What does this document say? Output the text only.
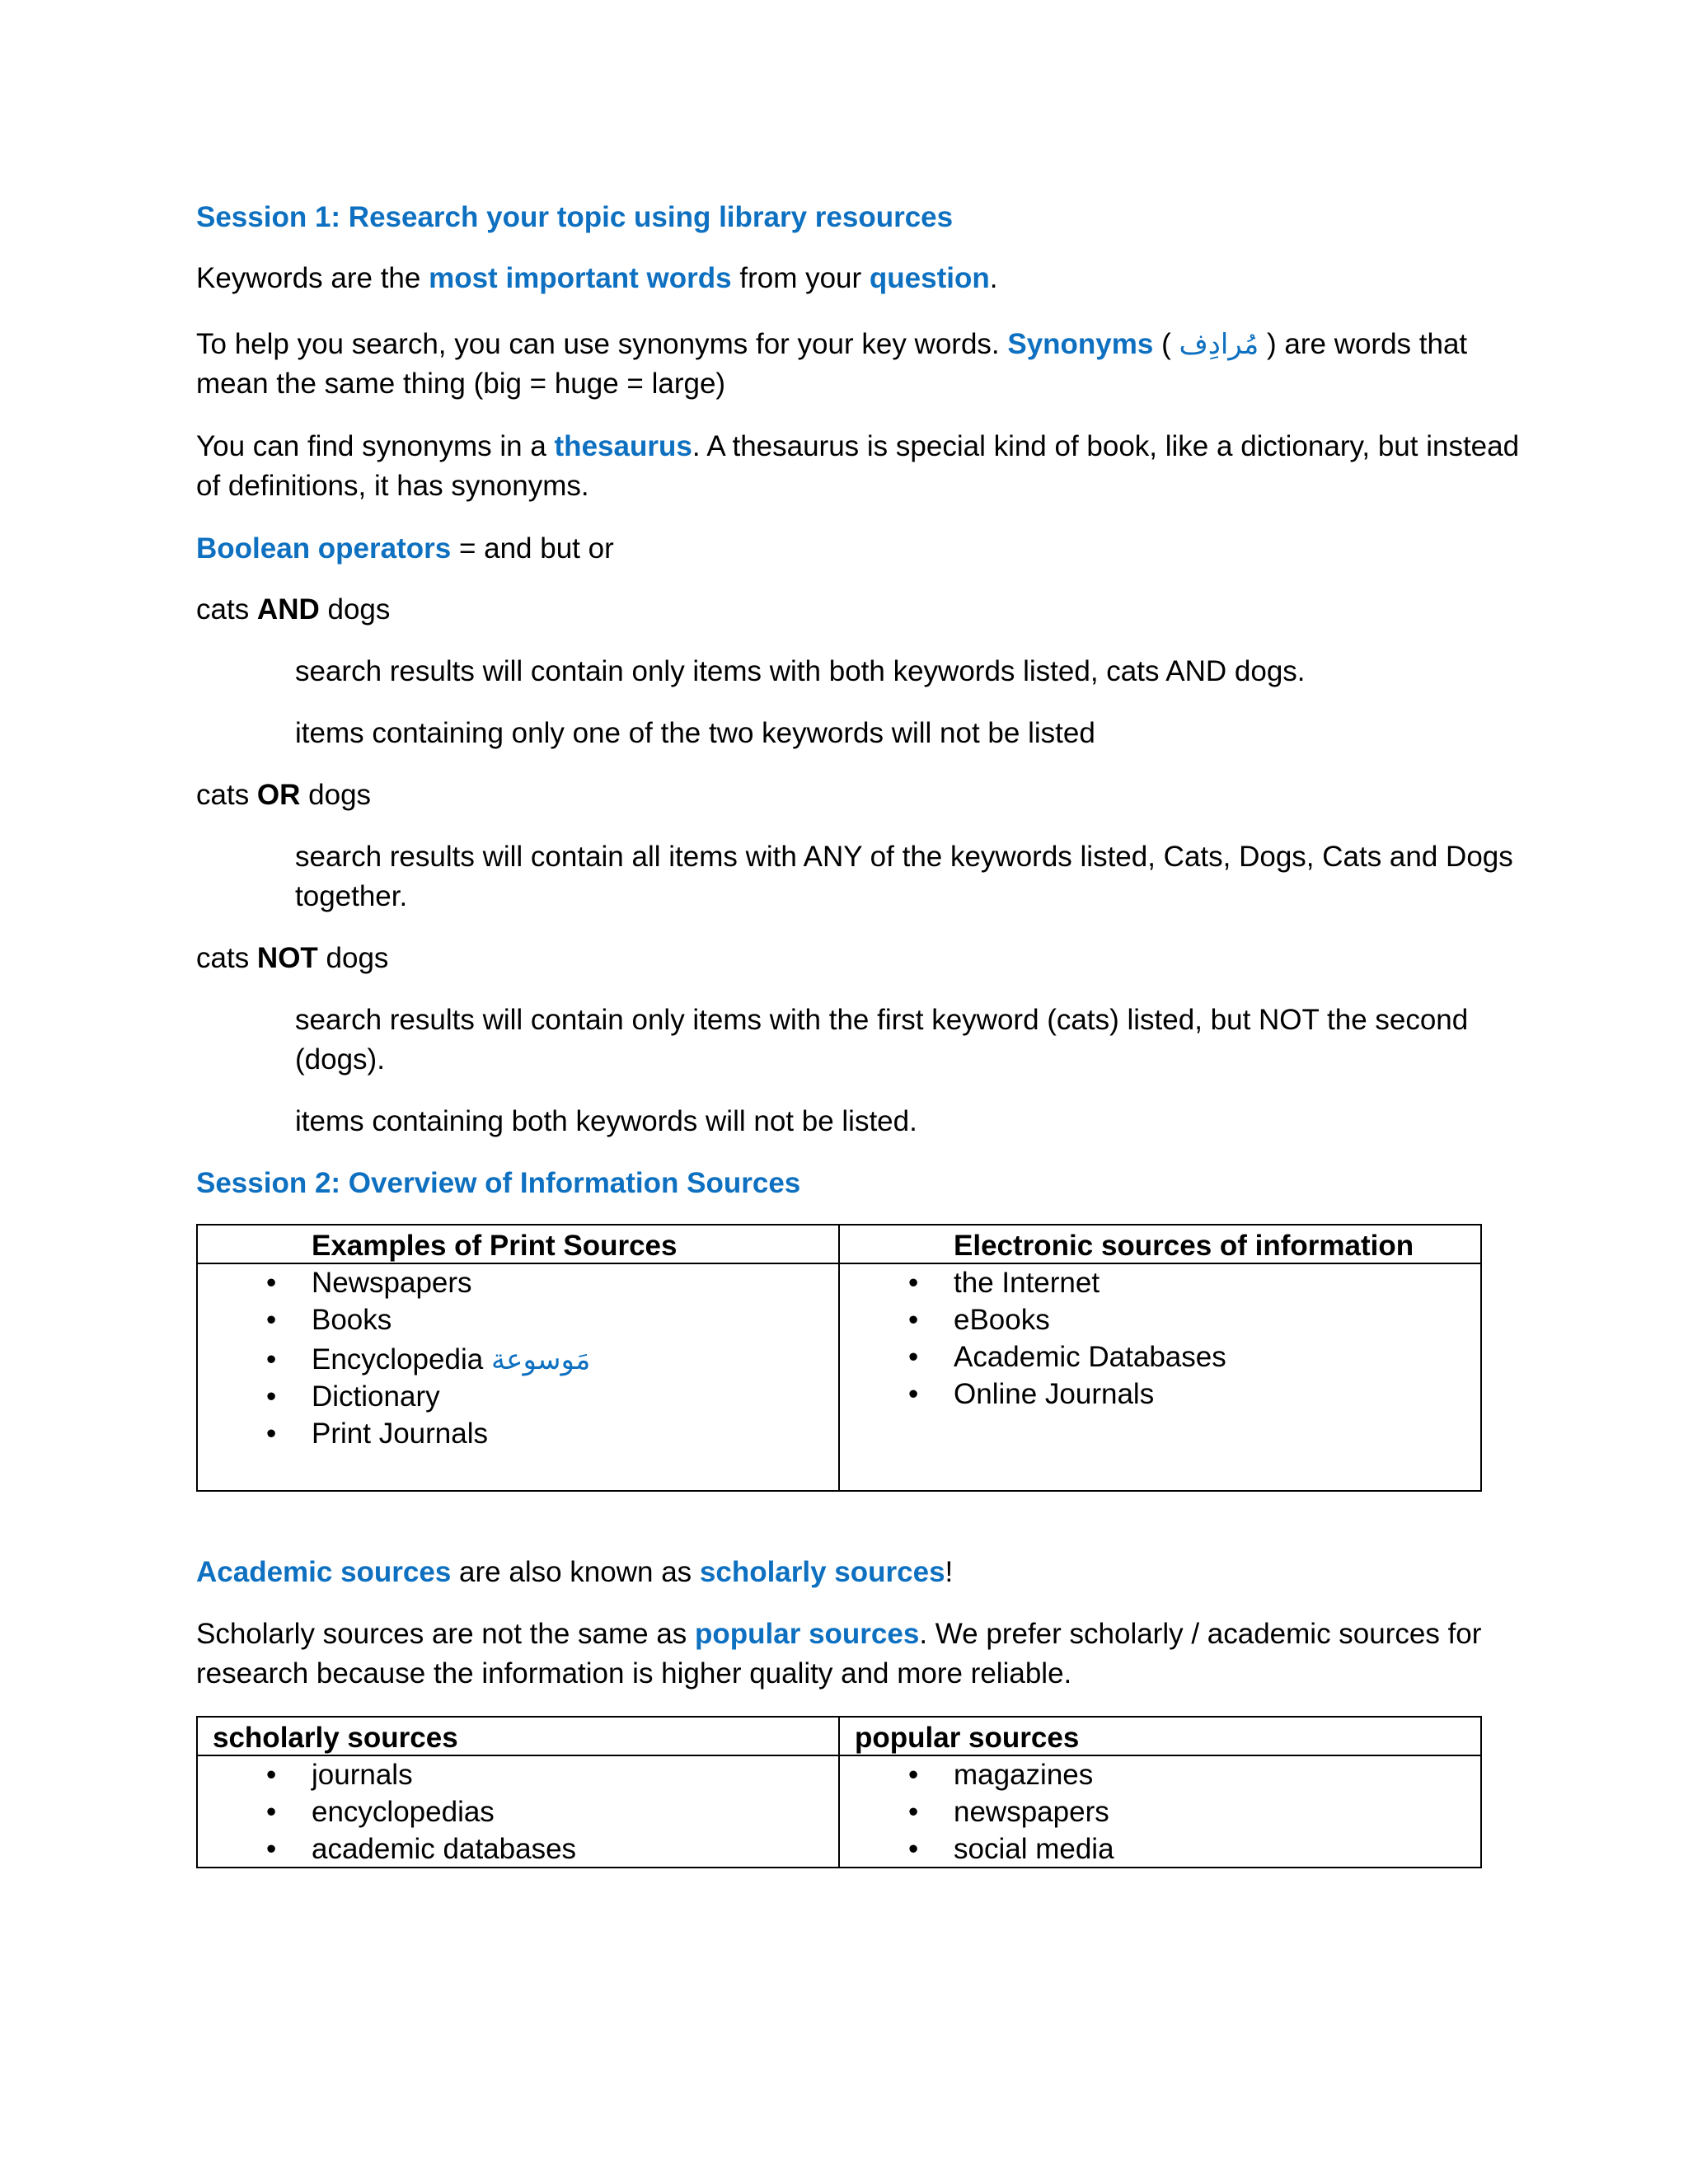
Session 1: Research your topic using library resources
Keywords are the most important words from your question.
To help you search, you can use synonyms for your key words. Synonyms ( مُرادِف ) are words that
mean the same thing (big = huge = large)
You can find synonyms in a thesaurus. A thesaurus is special kind of book, like a dictionary, but instead
of definitions, it has synonyms.
Boolean operators = and but or
cats AND dogs
search results will contain only items with both keywords listed, cats AND dogs.
items containing only one of the two keywords will not be listed
cats OR dogs
search results will contain all items with ANY of the keywords listed, Cats, Dogs, Cats and Dogs
together.
cats NOT dogs
search results will contain only items with the first keyword (cats) listed, but NOT the second
(dogs).
items containing both keywords will not be listed.
Session 2: Overview of Information Sources
Examples of Print Sources	Electronic sources of information
• Newspapers
• Books
• Encyclopedia مَوسوعة
• Dictionary
• Print Journals
• the Internet
• eBooks
• Academic Databases
• Online Journals
Academic sources are also known as scholarly sources!
Scholarly sources are not the same as popular sources. We prefer scholarly / academic sources for
research because the information is higher quality and more reliable.
scholarly sources	popular sources
• journals
• encyclopedias
• academic databases
• magazines
• newspapers
• social media
